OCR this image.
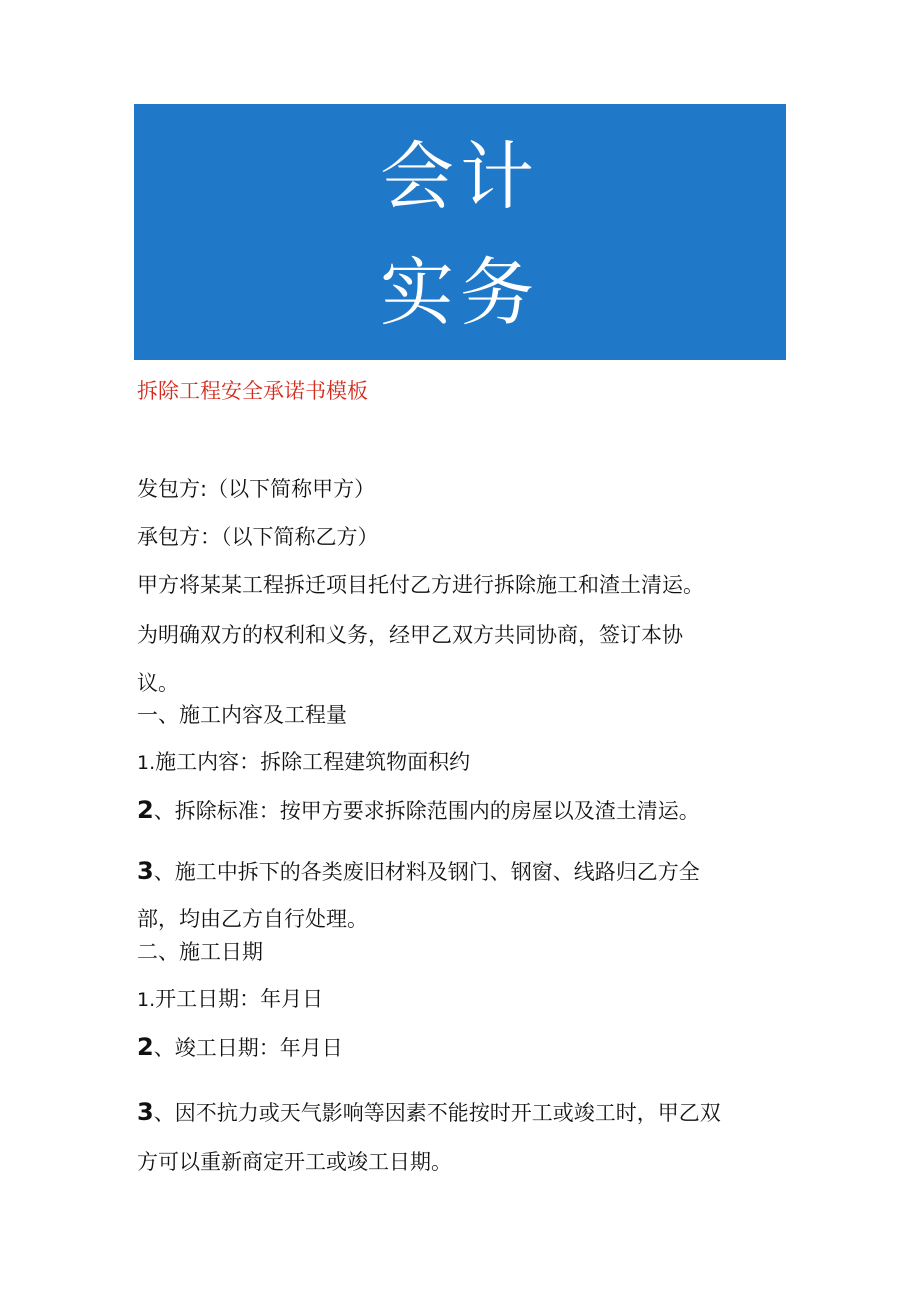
会计
实务
拆除工程安全承诺书模板
发包方:（以下简称甲方）
承包方：（以下简称乙方）
甲方将某某工程拆迁项目托付乙方进行拆除施工和渣土清运。
为明确双方的权利和义务，经甲乙双方共同协商，签订本协
议。
一、施工内容及工程量
1.施工内容：拆除工程建筑物面积约
2、拆除标准：按甲方要求拆除范围内的房屋以及渣土清运。
3、施工中拆下的各类废旧材料及钢门、钢窗、线路归乙方全
部，均由乙方自行处理。
二、施工日期
1.开工日期：年月日
2、竣工日期：年月日
3、因不抗力或天气影响等因素不能按时开工或竣工时，甲乙双
方可以重新商定开工或竣工日期。
